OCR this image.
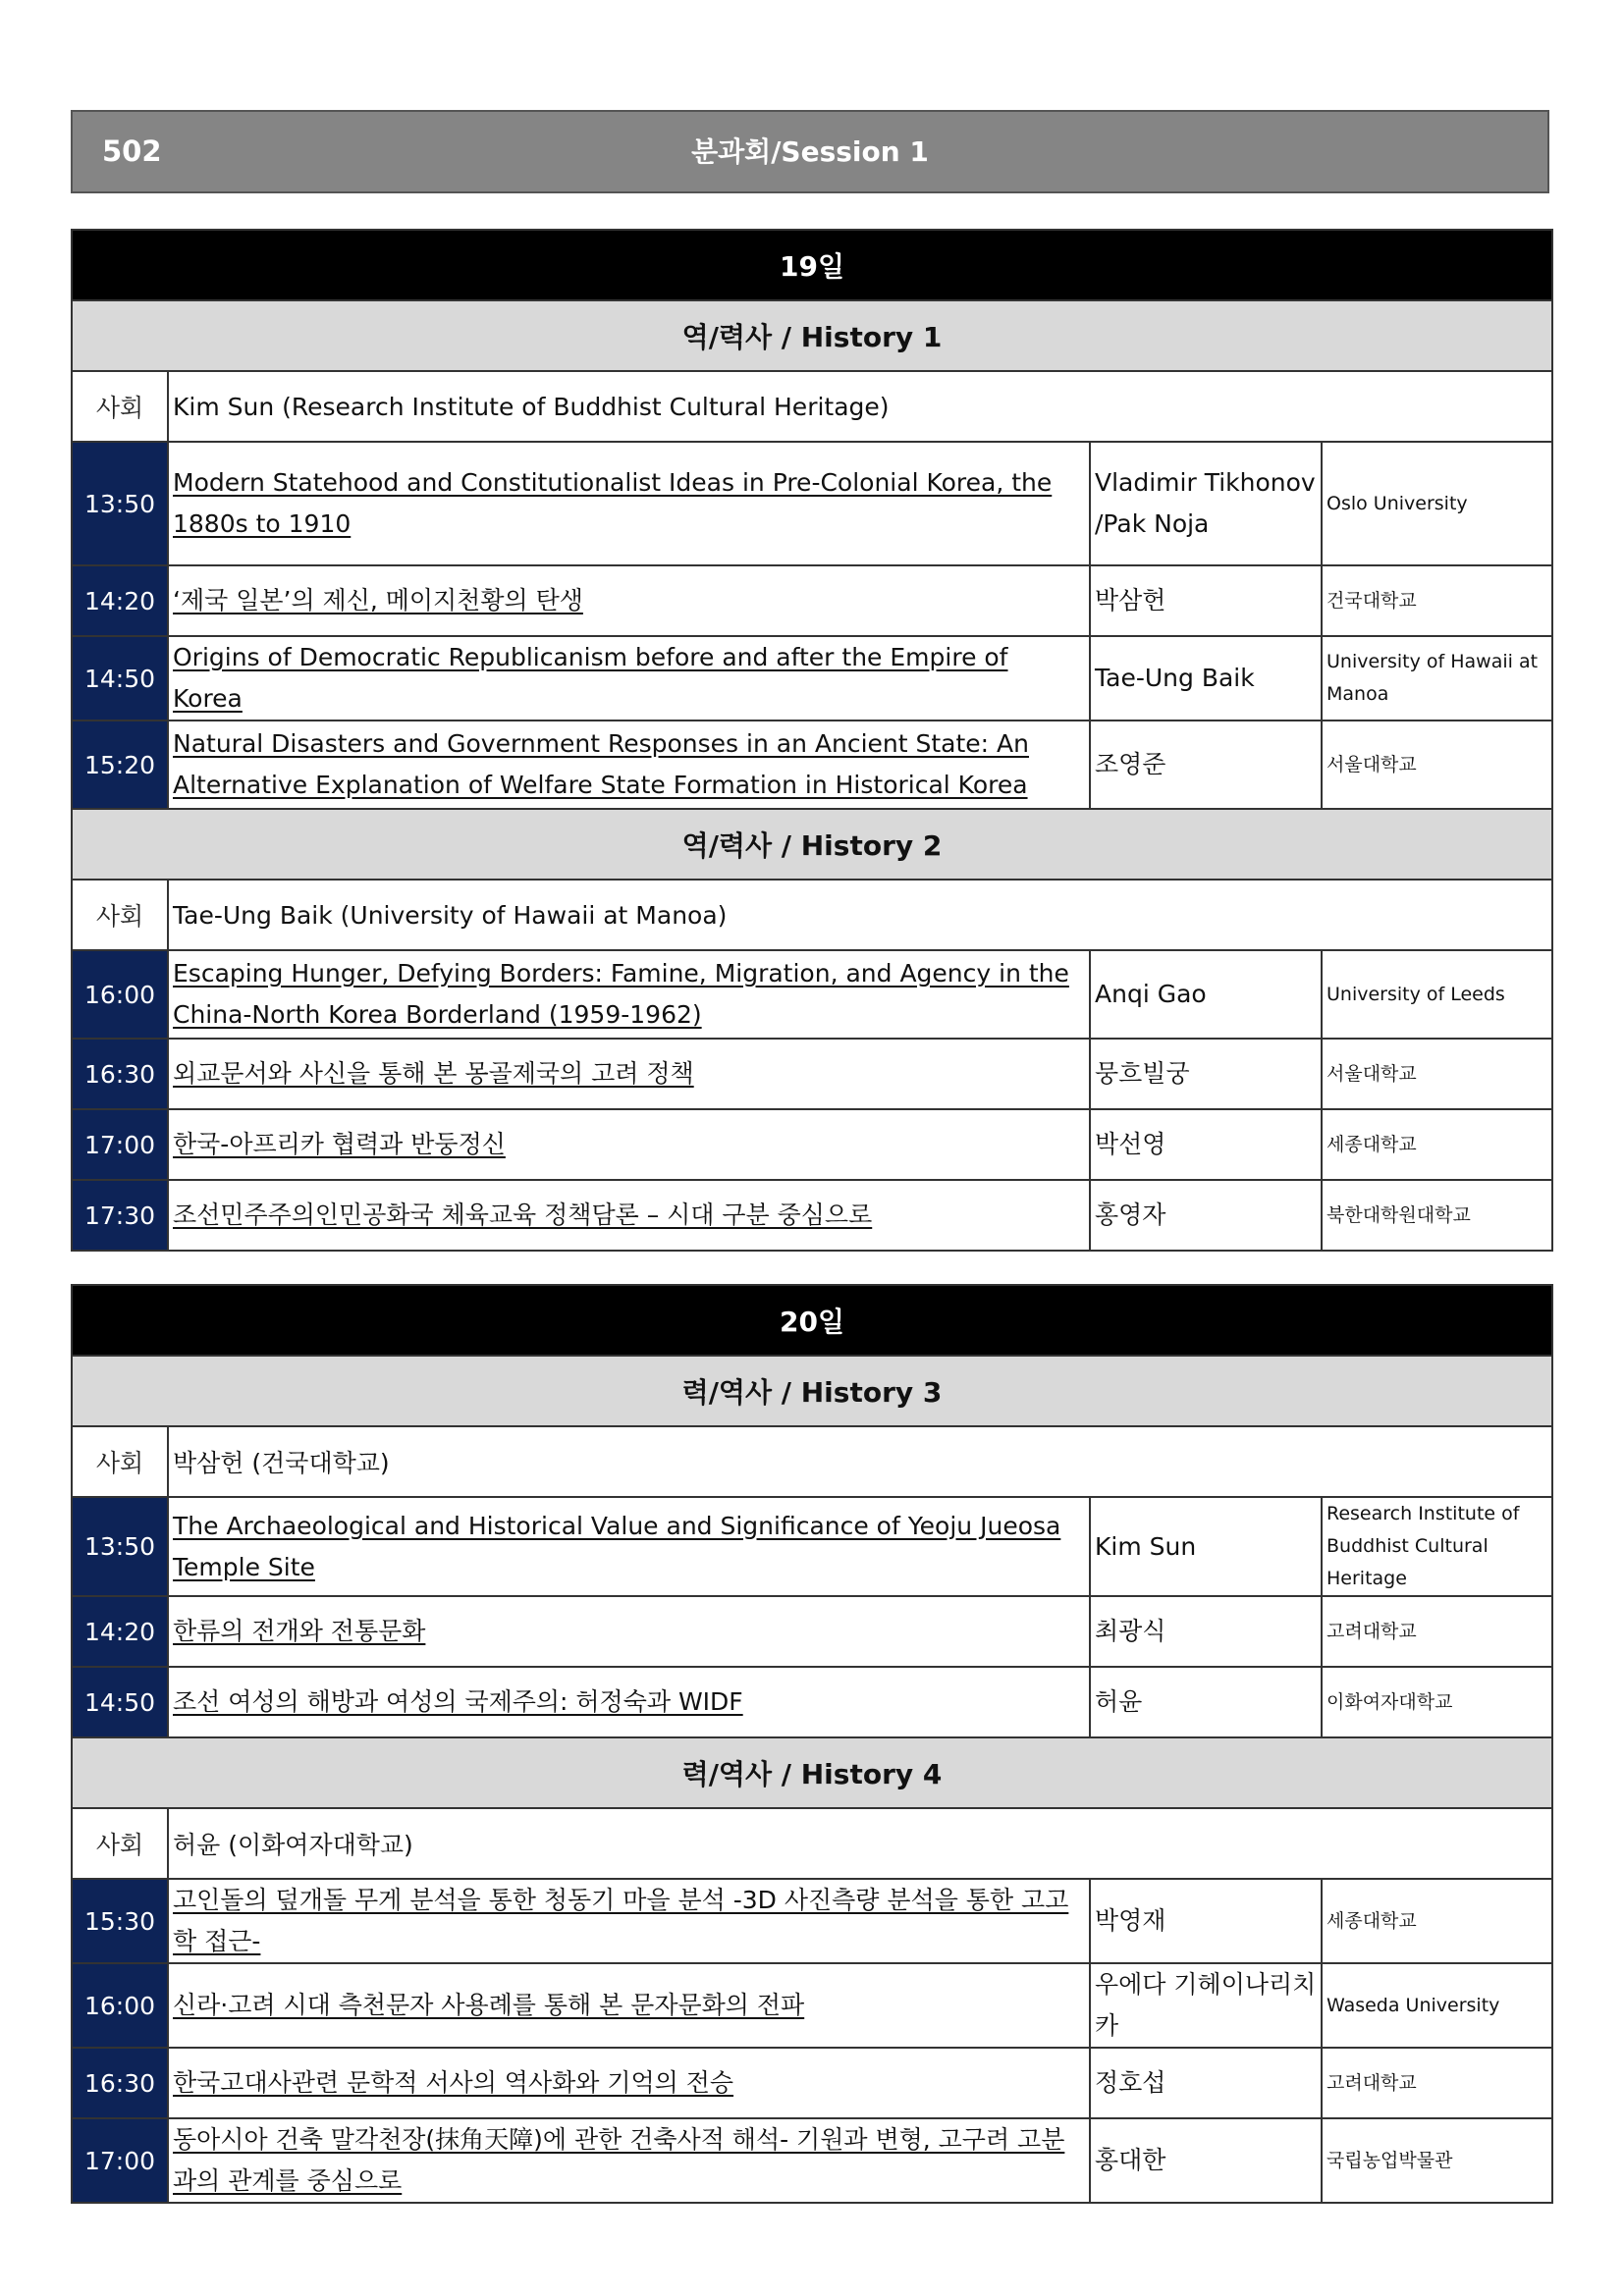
502	분과회/Session 1
19일			
역/력사 / History 1			
사회	Kim Sun (Research Institute of Buddhist Cultural Heritage)		
13:50	Modern Statehood and Constitutionalist Ideas in Pre-Colonial Korea, the 1880s to 1910	Vladimir Tikhonov /Pak Noja	Oslo University
14:20	‘제국 일본’의 제신, 메이지천황의 탄생	박삼헌	건국대학교
14:50	Origins of Democratic Republicanism before and after the Empire of Korea	Tae-Ung Baik	University of Hawaii at Manoa
15:20	Natural Disasters and Government Responses in an Ancient State: An Alternative Explanation of Welfare State Formation in Historical Korea	조영준	서울대학교
역/력사 / History 2			
사회	Tae-Ung Baik (University of Hawaii at Manoa)		
16:00	Escaping Hunger, Defying Borders: Famine, Migration, and Agency in the China-North Korea Borderland (1959-1962)	Anqi Gao	University of Leeds
16:30	외교문서와 사신을 통해 본 몽골제국의 고려 정책	뭉흐빌궁	서울대학교
17:00	한국-아프리카 협력과 반둥정신	박선영	세종대학교
17:30	조선민주주의인민공화국 체육교육 정책담론 – 시대 구분 중심으로	홍영자	북한대학원대학교
20일			
력/역사 / History 3			
사회	박삼헌 (건국대학교)		
13:50	The Archaeological and Historical Value and Significance of Yeoju Jueosa Temple Site	Kim Sun	Research Institute of Buddhist Cultural Heritage
14:20	한류의 전개와 전통문화	최광식	고려대학교
14:50	조선 여성의 해방과 여성의 국제주의: 허정숙과 WIDF	허윤	이화여자대학교
력/역사 / History 4			
사회	허윤 (이화여자대학교)		
15:30	고인돌의 덮개돌 무게 분석을 통한 청동기 마을 분석 -3D 사진측량 분석을 통한 고고학 접근-	박영재	세종대학교
16:00	신라·고려 시대 측천문자 사용례를 통해 본 문자문화의 전파	우에다 기헤이나리치카	Waseda University
16:30	한국고대사관련 문학적 서사의 역사화와 기억의 전승	정호섭	고려대학교
17:00	동아시아 건축 말각천장(抹角天障)에 관한 건축사적 해석- 기원과 변형, 고구려 고분과의 관계를 중심으로	홍대한	국립농업박물관
